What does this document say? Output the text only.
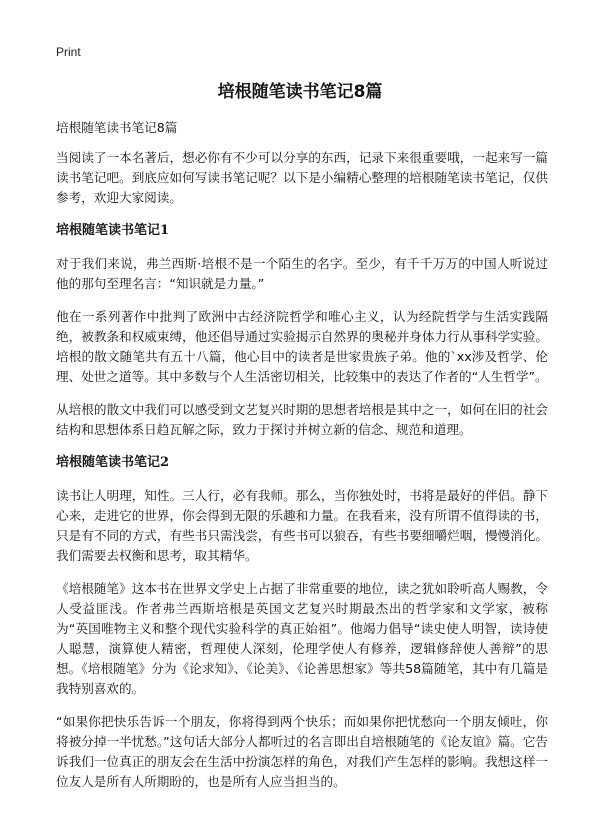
Print
培根随笔读书笔记8篇

培根随笔读书笔记8篇

当阅读了一本名著后，想必你有不少可以分享的东西，记录下来很重要哦，一起来写一篇读书笔记吧。到底应如何写读书笔记呢？以下是小编精心整理的培根随笔读书笔记，仅供参考，欢迎大家阅读。

培根随笔读书笔记1

对于我们来说，弗兰西斯·培根不是一个陌生的名字。至少，有千千万万的中国人听说过他的那句至理名言：“知识就是力量。”

他在一系列著作中批判了欧洲中古经济院哲学和唯心主义，认为经院哲学与生活实践隔绝，被教条和权威束缚，他还倡导通过实验揭示自然界的奥秘并身体力行从事科学实验。培根的散文随笔共有五十八篇，他心目中的读者是世家贵族子弟。他的`xx涉及哲学、伦理、处世之道等。其中多数与个人生活密切相关，比较集中的表达了作者的“人生哲学”。

从培根的散文中我们可以感受到文艺复兴时期的思想者培根是其中之一，如何在旧的社会结构和思想体系日趋瓦解之际，致力于探讨并树立新的信念、规范和道理。

培根随笔读书笔记2

读书让人明理，知性。三人行，必有我师。那么，当你独处时，书将是最好的伴侣。静下心来，走进它的世界，你会得到无限的乐趣和力量。在我看来，没有所谓不值得读的书，只是有不同的方式，有些书只需浅尝，有些书可以狼吞，有些书要细嚼烂咽，慢慢消化。我们需要去权衡和思考，取其精华。

《培根随笔》这本书在世界文学史上占据了非常重要的地位，读之犹如聆听高人赐教，令人受益匪浅。作者弗兰西斯培根是英国文艺复兴时期最杰出的哲学家和文学家，被称为“英国唯物主义和整个现代实验科学的真正始祖”。他竭力倡导“读史使人明智，读诗使人聪慧，演算使人精密，哲理使人深刻，伦理学使人有修养，逻辑修辞使人善辩”的思想。《培根随笔》分为《论求知》、《论美》、《论善思想家》等共58篇随笔，其中有几篇是我特别喜欢的。

“如果你把快乐告诉一个朋友，你将得到两个快乐；而如果你把忧愁向一个朋友倾吐，你将被分掉一半忧愁。”这句话大部分人都听过的名言即出自培根随笔的《论友谊》篇。它告诉我们一位真正的朋友会在生活中扮演怎样的角色，对我们产生怎样的影响。我想这样一位友人是所有人所期盼的，也是所有人应当担当的。
